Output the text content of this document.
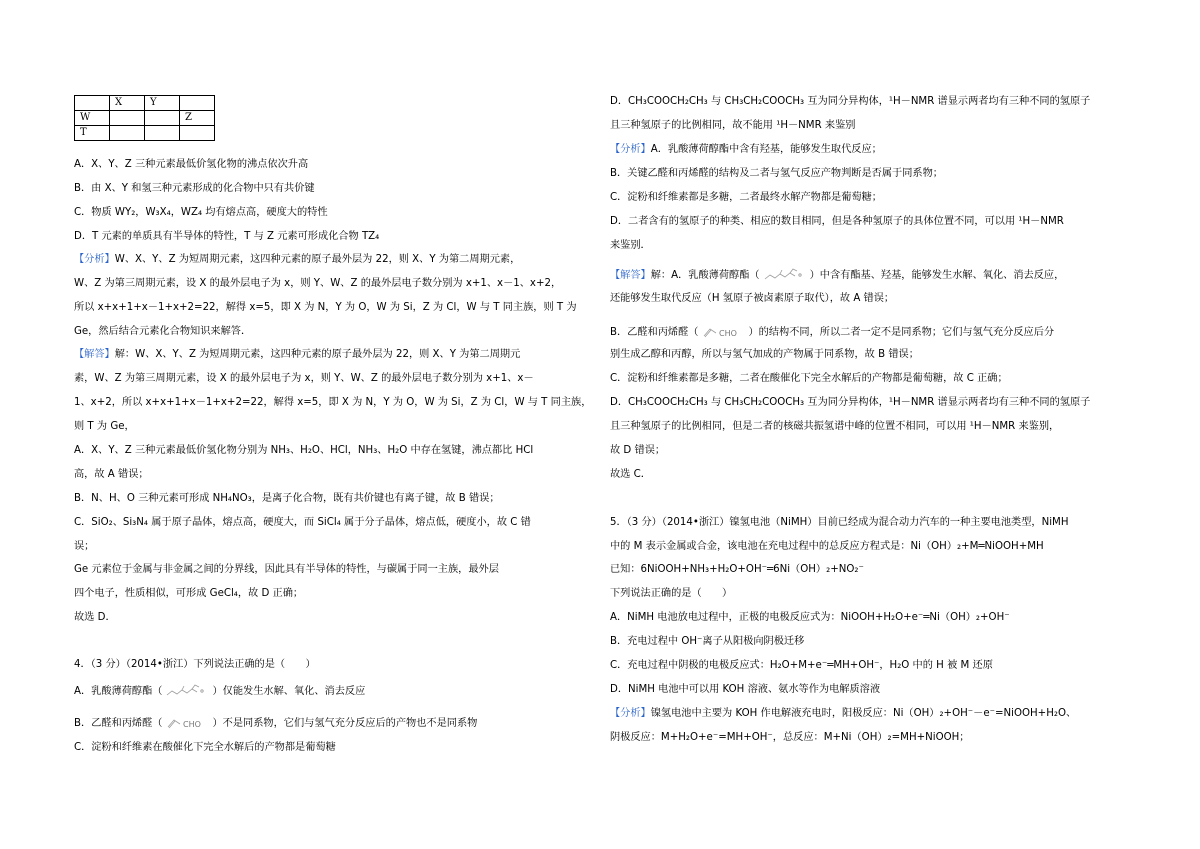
	X	Y	
W			Z
T			
A．X、Y、Z 三种元素最低价氢化物的沸点依次升高
B．由 X、Y 和氢三种元素形成的化合物中只有共价键
C．物质 WY₂，W₃X₄，WZ₄ 均有熔点高，硬度大的特性
D．T 元素的单质具有半导体的特性，T 与 Z 元素可形成化合物 TZ₄
【分析】W、X、Y、Z 为短周期元素，这四种元素的原子最外层为 22，则 X、Y 为第二周期元素，
W、Z 为第三周期元素，设 X 的最外层电子为 x，则 Y、W、Z 的最外层电子数分别为 x+1、x－1、x+2，
所以 x+x+1+x－1+x+2=22，解得 x=5，即 X 为 N，Y 为 O，W 为 Si，Z 为 Cl，W 与 T 同主族，则 T 为
Ge，然后结合元素化合物知识来解答．
【解答】解：W、X、Y、Z 为短周期元素，这四种元素的原子最外层为 22，则 X、Y 为第二周期元
素，W、Z 为第三周期元素，设 X 的最外层电子为 x，则 Y、W、Z 的最外层电子数分别为 x+1、x－
1、x+2，所以 x+x+1+x－1+x+2=22，解得 x=5，即 X 为 N，Y 为 O，W 为 Si，Z 为 Cl，W 与 T 同主族，
则 T 为 Ge，
A．X、Y、Z 三种元素最低价氢化物分别为 NH₃、H₂O、HCl，NH₃、H₂O 中存在氢键，沸点都比 HCl
高，故 A 错误；
B．N、H、O 三种元素可形成 NH₄NO₃，是离子化合物，既有共价键也有离子键，故 B 错误；
C．SiO₂、Si₃N₄ 属于原子晶体，熔点高，硬度大，而 SiCl₄ 属于分子晶体，熔点低，硬度小，故 C 错
误；
Ge 元素位于金属与非金属之间的分界线，因此具有半导体的特性，与碳属于同一主族，最外层
四个电子，性质相似，可形成 GeCl₄，故 D 正确；
故选 D．
4．（3 分）（2014•浙江）下列说法正确的是（　　）
A．乳酸薄荷醇酯（	）仅能发生水解、氧化、消去反应
B．乙醛和丙烯醛（	CHO ）不是同系物，它们与氢气充分反应后的产物也不是同系物
C．淀粉和纤维素在酸催化下完全水解后的产物都是葡萄糖
D．CH₃COOCH₂CH₃ 与 CH₃CH₂COOCH₃ 互为同分异构体，¹H－NMR 谱显示两者均有三种不同的氢原子
且三种氢原子的比例相同，故不能用 ¹H－NMR 来鉴别
【分析】A．乳酸薄荷醇酯中含有羟基，能够发生取代反应；
B．关键乙醛和丙烯醛的结构及二者与氢气反应产物判断是否属于同系物；
C．淀粉和纤维素都是多糖，二者最终水解产物都是葡萄糖；
D．二者含有的氢原子的种类、相应的数目相同，但是各种氢原子的具体位置不同，可以用 ¹H－NMR
来鉴别．
【解答】解：A．乳酸薄荷醇酯（	）中含有酯基、羟基，能够发生水解、氧化、消去反应，
还能够发生取代反应（H 氢原子被卤素原子取代），故 A 错误；
B．乙醛和丙烯醛（	CHO ）的结构不同，所以二者一定不是同系物；它们与氢气充分反应后分
别生成乙醇和丙醇，所以与氢气加成的产物属于同系物，故 B 错误；
C．淀粉和纤维素都是多糖，二者在酸催化下完全水解后的产物都是葡萄糖，故 C 正确；
D．CH₃COOCH₂CH₃ 与 CH₃CH₂COOCH₃ 互为同分异构体，¹H－NMR 谱显示两者均有三种不同的氢原子
且三种氢原子的比例相同，但是二者的核磁共振氢谱中峰的位置不相同，可以用 ¹H－NMR 来鉴别，
故 D 错误；
故选 C．
5．（3 分）（2014•浙江）镍氢电池（NiMH）目前已经成为混合动力汽车的一种主要电池类型，NiMH
中的 M 表示金属或合金，该电池在充电过程中的总反应方程式是：Ni（OH）₂+M═NiOOH+MH
已知：6NiOOH+NH₃+H₂O+OH⁻═6Ni（OH）₂+NO₂⁻
下列说法正确的是（　　）
A．NiMH 电池放电过程中，正极的电极反应式为：NiOOH+H₂O+e⁻═Ni（OH）₂+OH⁻
B．充电过程中 OH⁻离子从阳极向阴极迁移
C．充电过程中阴极的电极反应式：H₂O+M+e⁻═MH+OH⁻，H₂O 中的 H 被 M 还原
D．NiMH 电池中可以用 KOH 溶液、氨水等作为电解质溶液
【分析】镍氢电池中主要为 KOH 作电解液充电时，阳极反应：Ni（OH）₂+OH⁻－e⁻=NiOOH+H₂O、
阴极反应：M+H₂O+e⁻=MH+OH⁻，总反应：M+Ni（OH）₂=MH+NiOOH；
